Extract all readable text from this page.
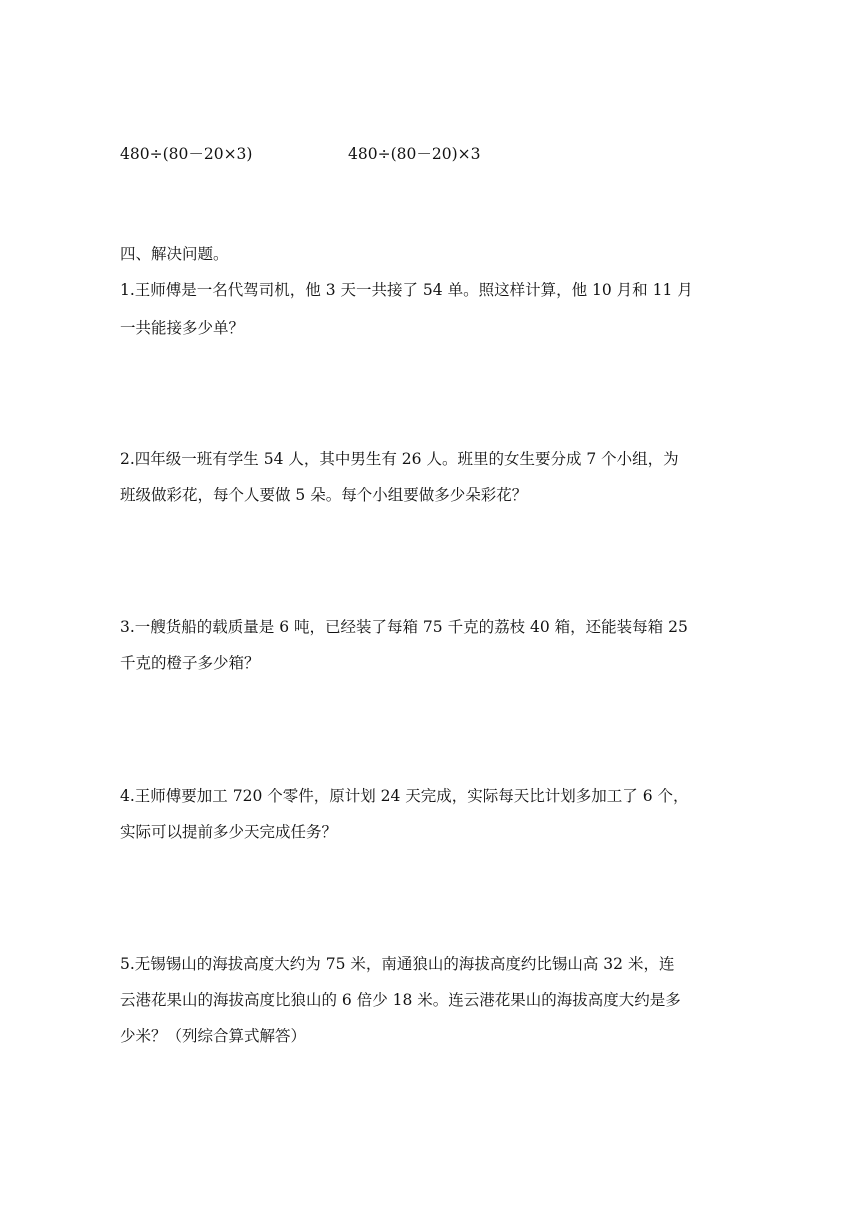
480÷(80－20×3)	480÷(80－20)×3
四、解决问题。
1.王师傅是一名代驾司机，他 3 天一共接了 54 单。照这样计算，他 10 月和 11 月
一共能接多少单？
2.四年级一班有学生 54 人，其中男生有 26 人。班里的女生要分成 7 个小组，为
班级做彩花，每个人要做 5 朵。每个小组要做多少朵彩花？
3.一艘货船的载质量是 6 吨，已经装了每箱 75 千克的荔枝 40 箱，还能装每箱 25
千克的橙子多少箱？
4.王师傅要加工 720 个零件，原计划 24 天完成，实际每天比计划多加工了 6 个，
实际可以提前多少天完成任务？
5.无锡锡山的海拔高度大约为 75 米，南通狼山的海拔高度约比锡山高 32 米，连
云港花果山的海拔高度比狼山的 6 倍少 18 米。连云港花果山的海拔高度大约是多
少米？（列综合算式解答）
